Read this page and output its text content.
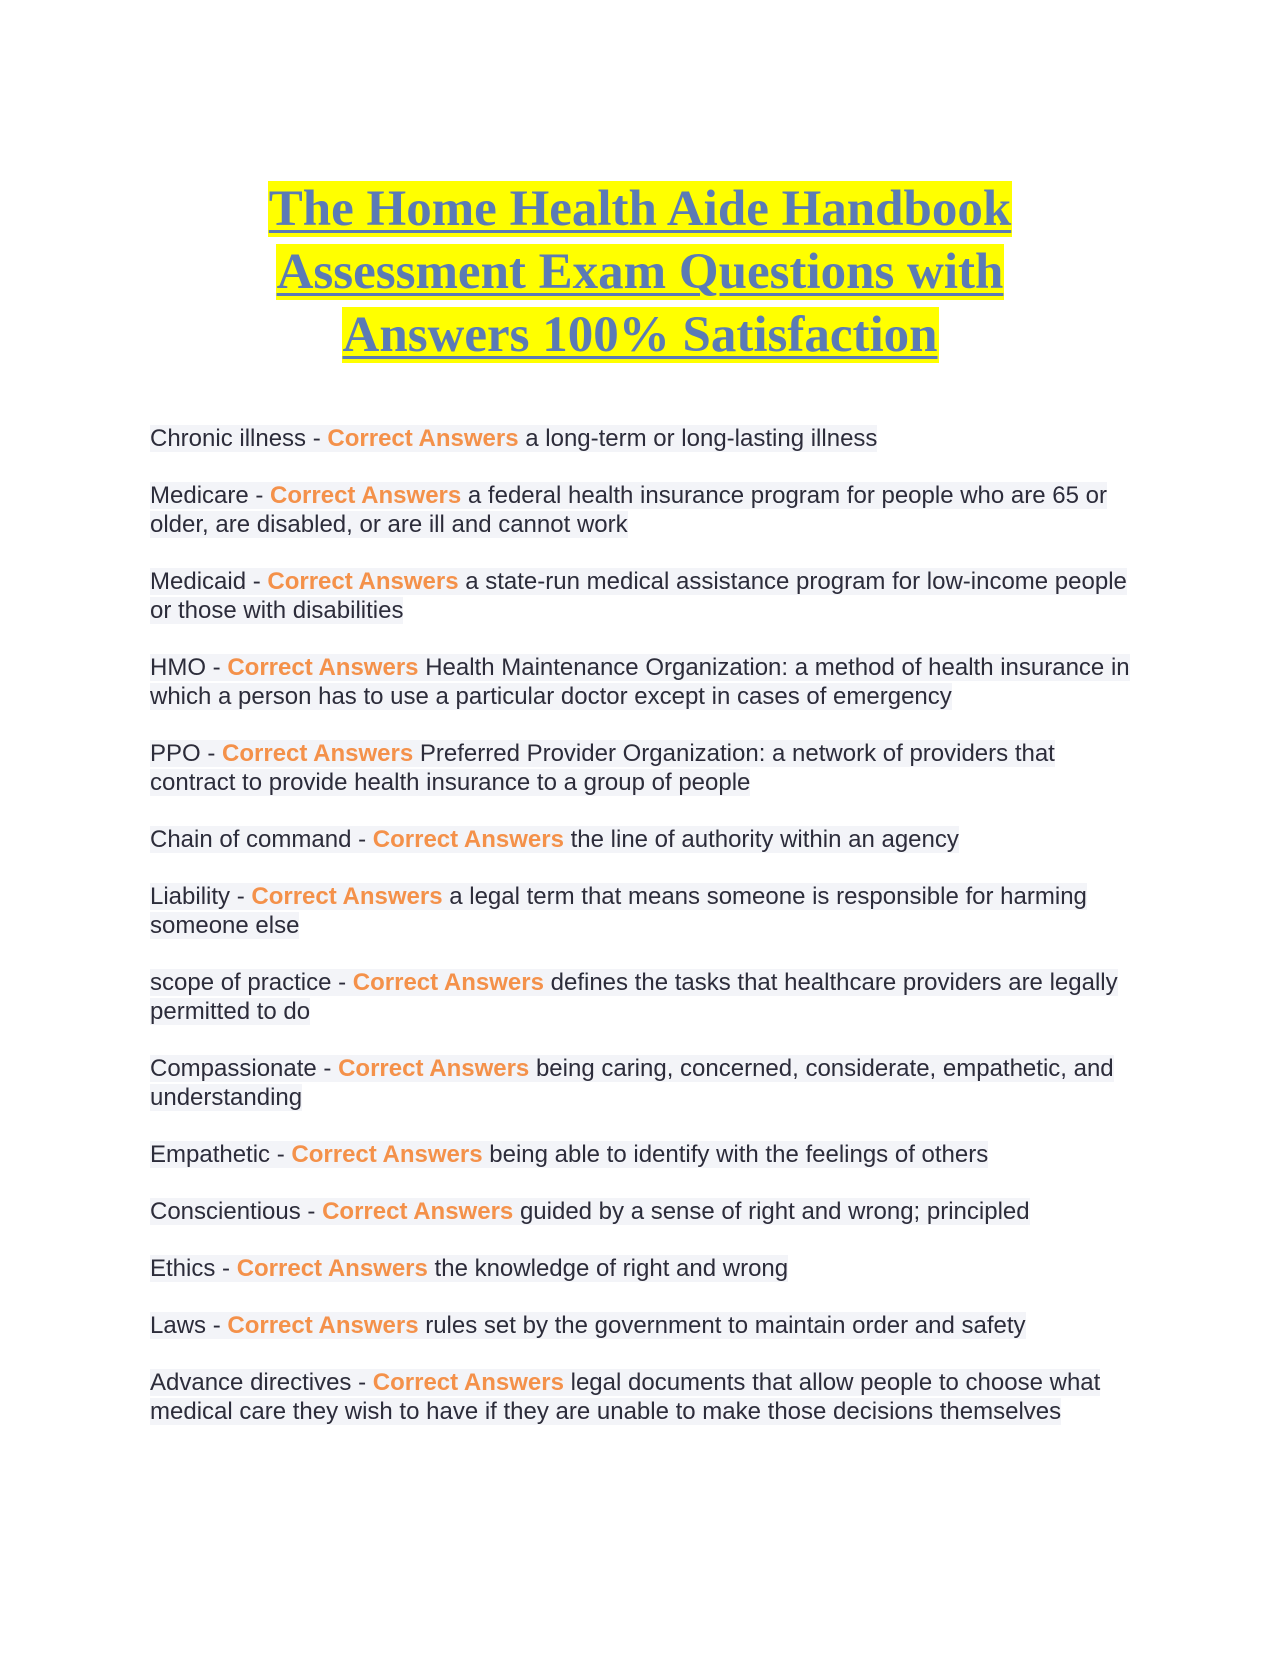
The Home Health Aide Handbook Assessment Exam Questions with Answers 100% Satisfaction

Chronic illness - Correct Answers a long-term or long-lasting illness

Medicare - Correct Answers a federal health insurance program for people who are 65 or older, are disabled, or are ill and cannot work

Medicaid - Correct Answers a state-run medical assistance program for low-income people or those with disabilities

HMO - Correct Answers Health Maintenance Organization: a method of health insurance in which a person has to use a particular doctor except in cases of emergency

PPO - Correct Answers Preferred Provider Organization: a network of providers that contract to provide health insurance to a group of people

Chain of command - Correct Answers the line of authority within an agency

Liability - Correct Answers a legal term that means someone is responsible for harming someone else

scope of practice - Correct Answers defines the tasks that healthcare providers are legally permitted to do

Compassionate - Correct Answers being caring, concerned, considerate, empathetic, and understanding

Empathetic - Correct Answers being able to identify with the feelings of others

Conscientious - Correct Answers guided by a sense of right and wrong; principled

Ethics - Correct Answers the knowledge of right and wrong

Laws - Correct Answers rules set by the government to maintain order and safety

Advance directives - Correct Answers legal documents that allow people to choose what medical care they wish to have if they are unable to make those decisions themselves
